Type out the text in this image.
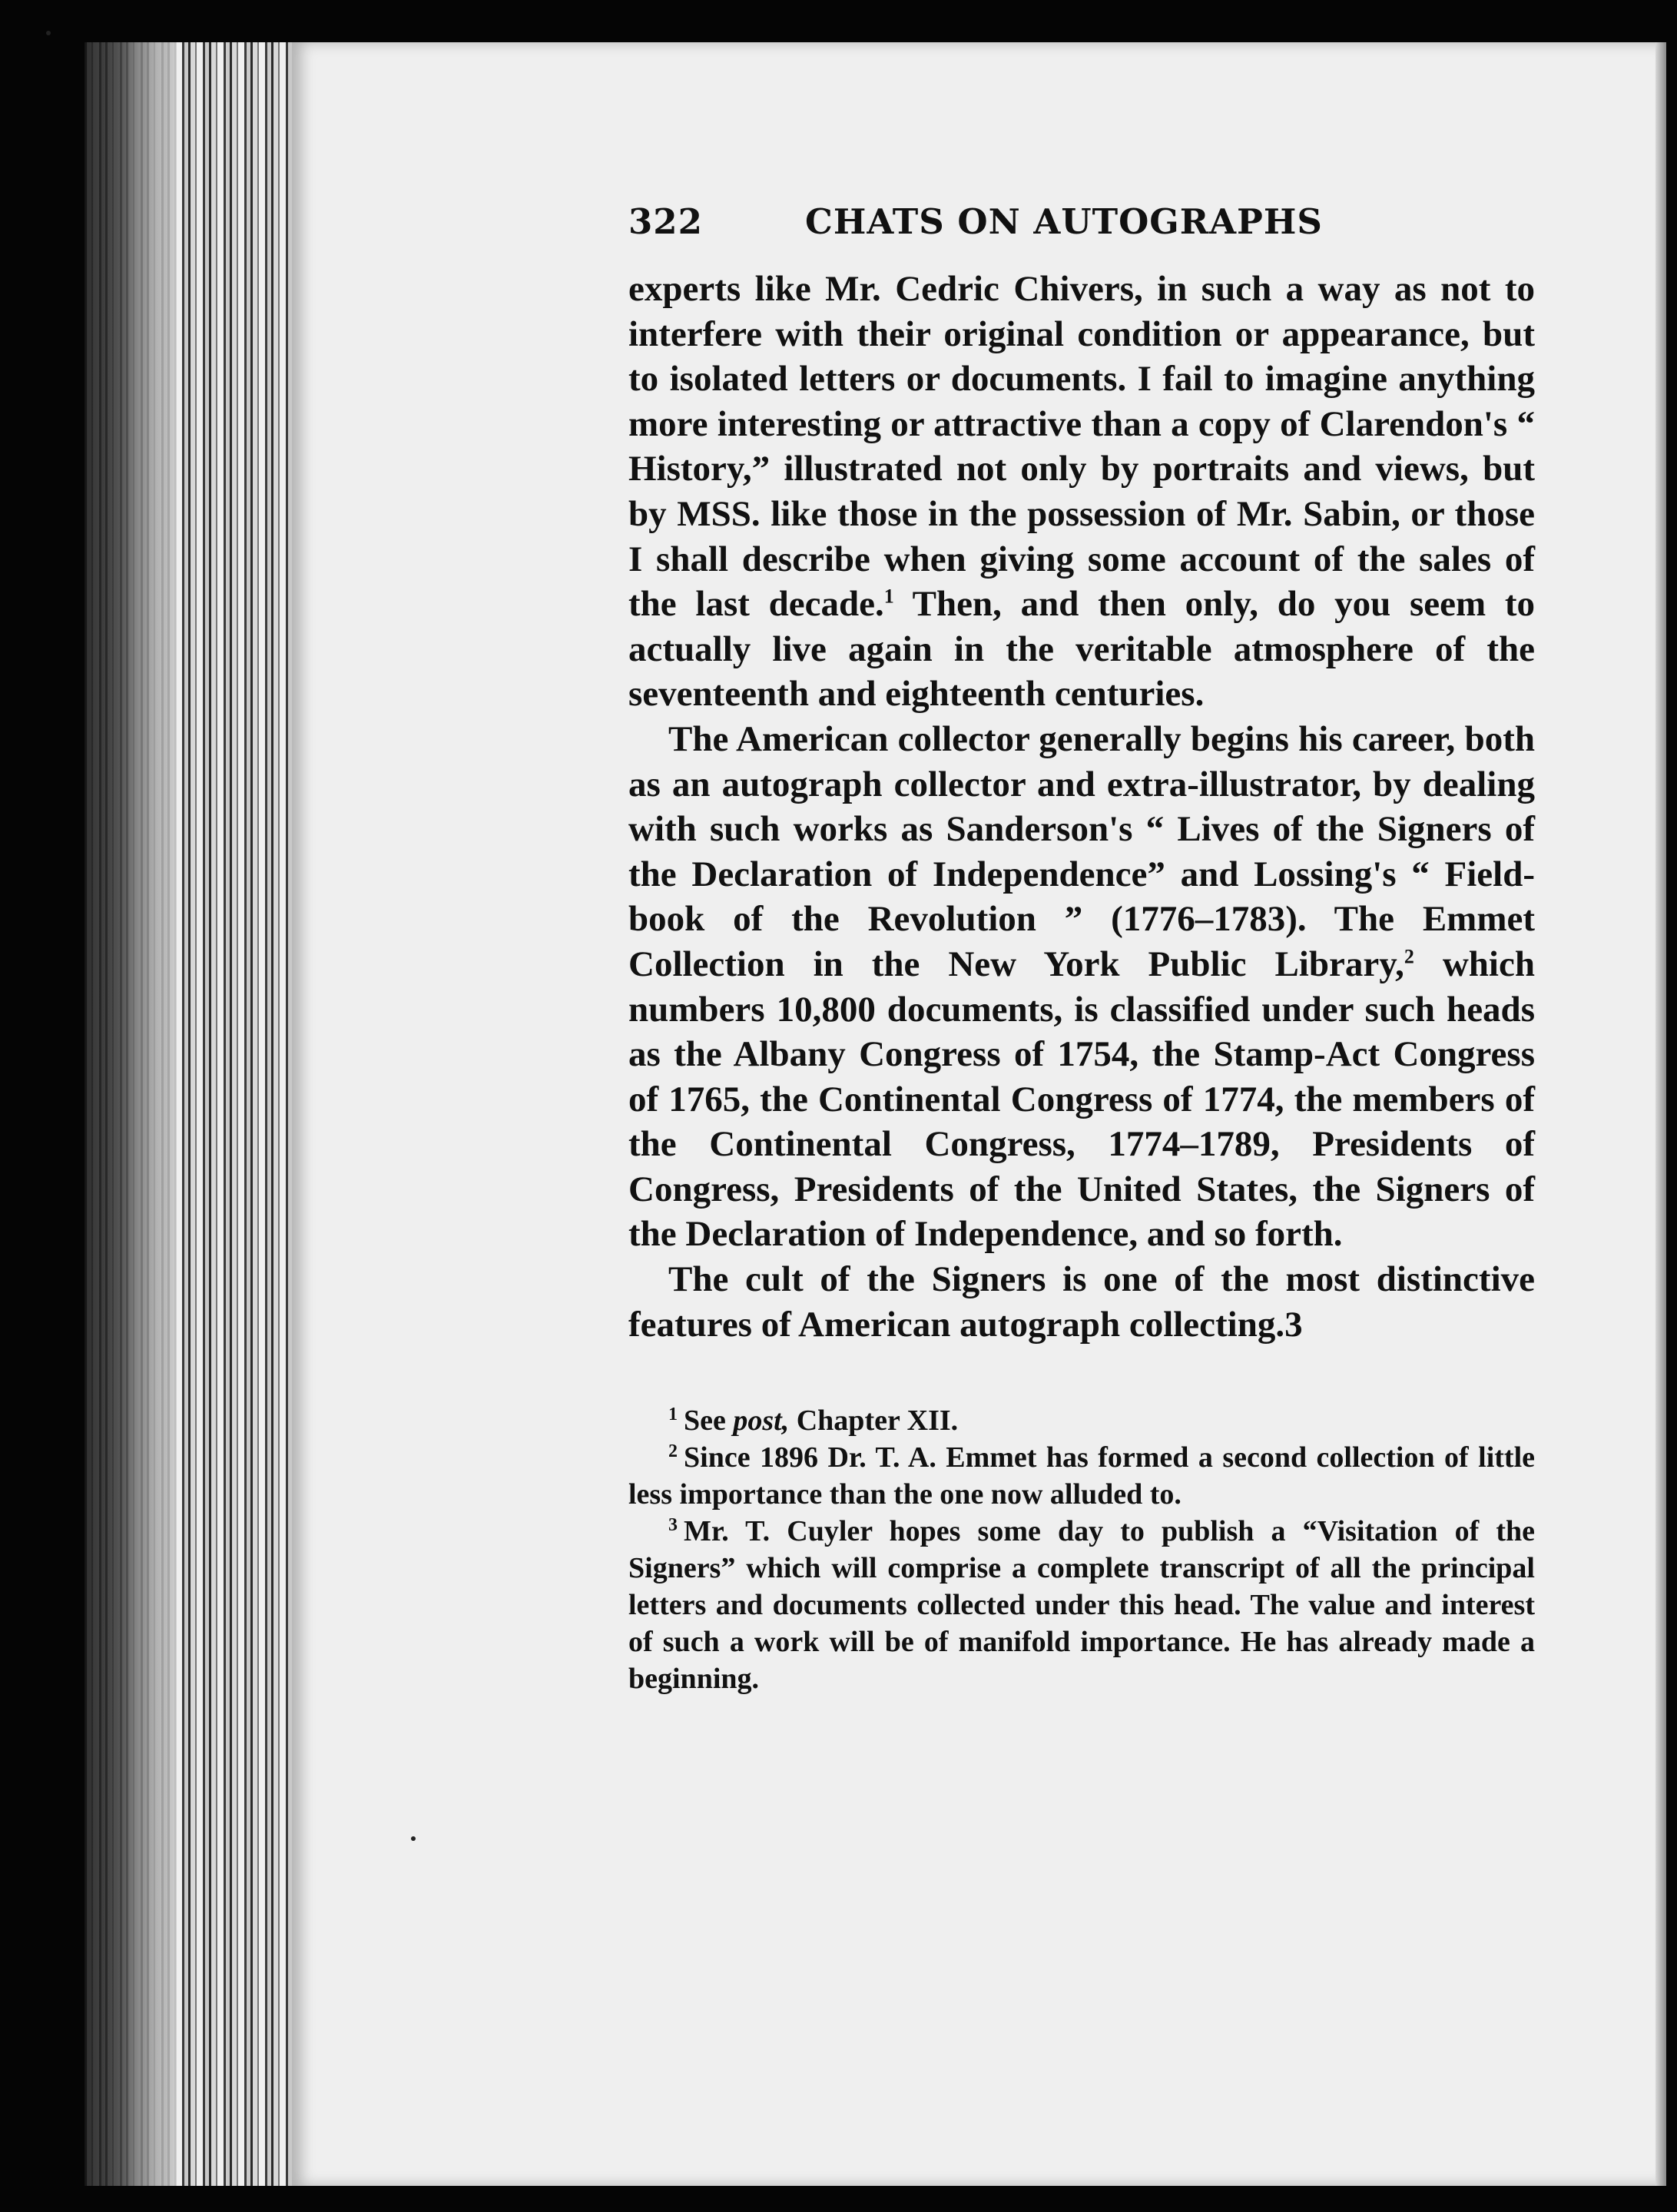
322	CHATS ON AUTOGRAPHS

experts like Mr. Cedric Chivers, in such a way as not to interfere with their original condition or appearance, but to isolated letters or documents. I fail to imagine anything more interesting or attractive than a copy of Clarendon's “ History,” illustrated not only by portraits and views, but by MSS. like those in the possession of Mr. Sabin, or those I shall describe when giving some account of the sales of the last decade.$^1$ Then, and then only, do you seem to actually live again in the veritable atmosphere of the seventeenth and eighteenth centuries.

The American collector generally begins his career, both as an autograph collector and extra-illustrator, by dealing with such works as Sanderson's “ Lives of the Signers of the Declaration of Independence” and Lossing's “ Field-book of the Revolution ” (1776–1783). The Emmet Collection in the New York Public Library,$^2$ which numbers 10,800 documents, is classified under such heads as the Albany Congress of 1754, the Stamp-Act Congress of 1765, the Continental Congress of 1774, the members of the Continental Congress, 1774–1789, Presidents of Congress, Presidents of the United States, the Signers of the Declaration of Independence, and so forth.

The cult of the Signers is one of the most distinctive features of American autograph collecting.3

$^1$ See post, Chapter XII.

$^2$ Since 1896 Dr. T. A. Emmet has formed a second collection of little less importance than the one now alluded to.

$^3$ Mr. T. Cuyler hopes some day to publish a “Visitation of the Signers” which will comprise a complete transcript of all the principal letters and documents collected under this head. The value and interest of such a work will be of manifold importance. He has already made a beginning.
